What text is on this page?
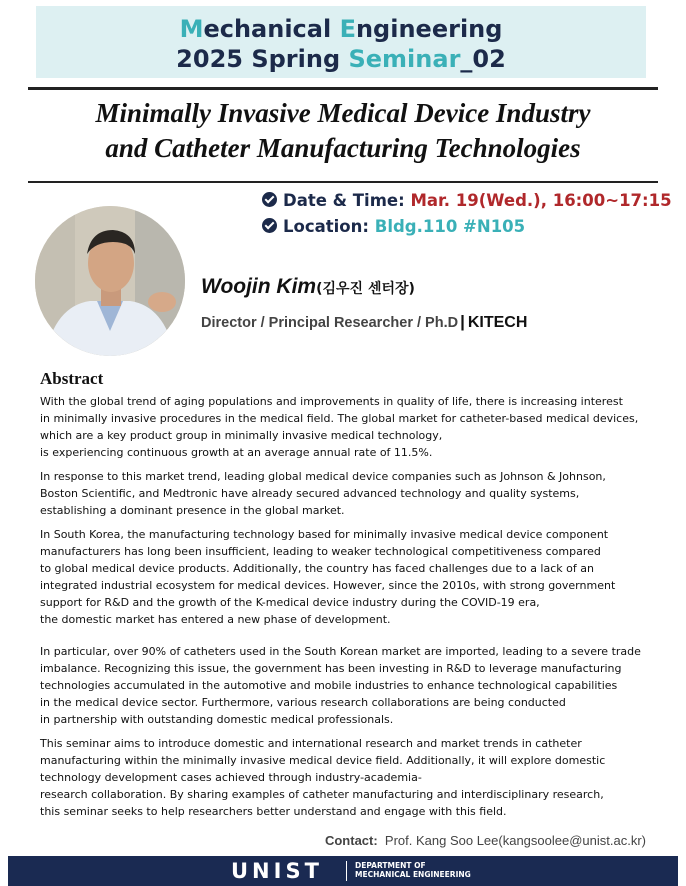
Mechanical Engineering
2025 Spring Seminar_02
Minimally Invasive Medical Device Industry
and Catheter Manufacturing Technologies
Date & Time: Mar. 19(Wed.), 16:00~17:15
Location: Bldg.110 #N105
Woojin Kim(김우진 센터장)
Director / Principal Researcher / Ph.D | KITECH
Abstract
With the global trend of aging populations and improvements in quality of life, there is increasing interest
in minimally invasive procedures in the medical field. The global market for catheter-based medical devices,
which are a key product group in minimally invasive medical technology,
is experiencing continuous growth at an average annual rate of 11.5%.
In response to this market trend, leading global medical device companies such as Johnson & Johnson,
Boston Scientific, and Medtronic have already secured advanced technology and quality systems,
establishing a dominant presence in the global market.
In South Korea, the manufacturing technology based for minimally invasive medical device component
manufacturers has long been insufficient, leading to weaker technological competitiveness compared
to global medical device products. Additionally, the country has faced challenges due to a lack of an
integrated industrial ecosystem for medical devices. However, since the 2010s, with strong government
support for R&D and the growth of the K-medical device industry during the COVID-19 era,
the domestic market has entered a new phase of development.
In particular, over 90% of catheters used in the South Korean market are imported, leading to a severe trade
imbalance. Recognizing this issue, the government has been investing in R&D to leverage manufacturing
technologies accumulated in the automotive and mobile industries to enhance technological capabilities
in the medical device sector. Furthermore, various research collaborations are being conducted
in partnership with outstanding domestic medical professionals.
This seminar aims to introduce domestic and international research and market trends in catheter
manufacturing within the minimally invasive medical device field. Additionally, it will explore domestic
technology development cases achieved through industry-academia-
research collaboration. By sharing examples of catheter manufacturing and interdisciplinary research,
this seminar seeks to help researchers better understand and engage with this field.
Contact: Prof. Kang Soo Lee(kangsoolee@unist.ac.kr)
UNIST	DEPARTMENT OF
MECHANICAL ENGINEERING
